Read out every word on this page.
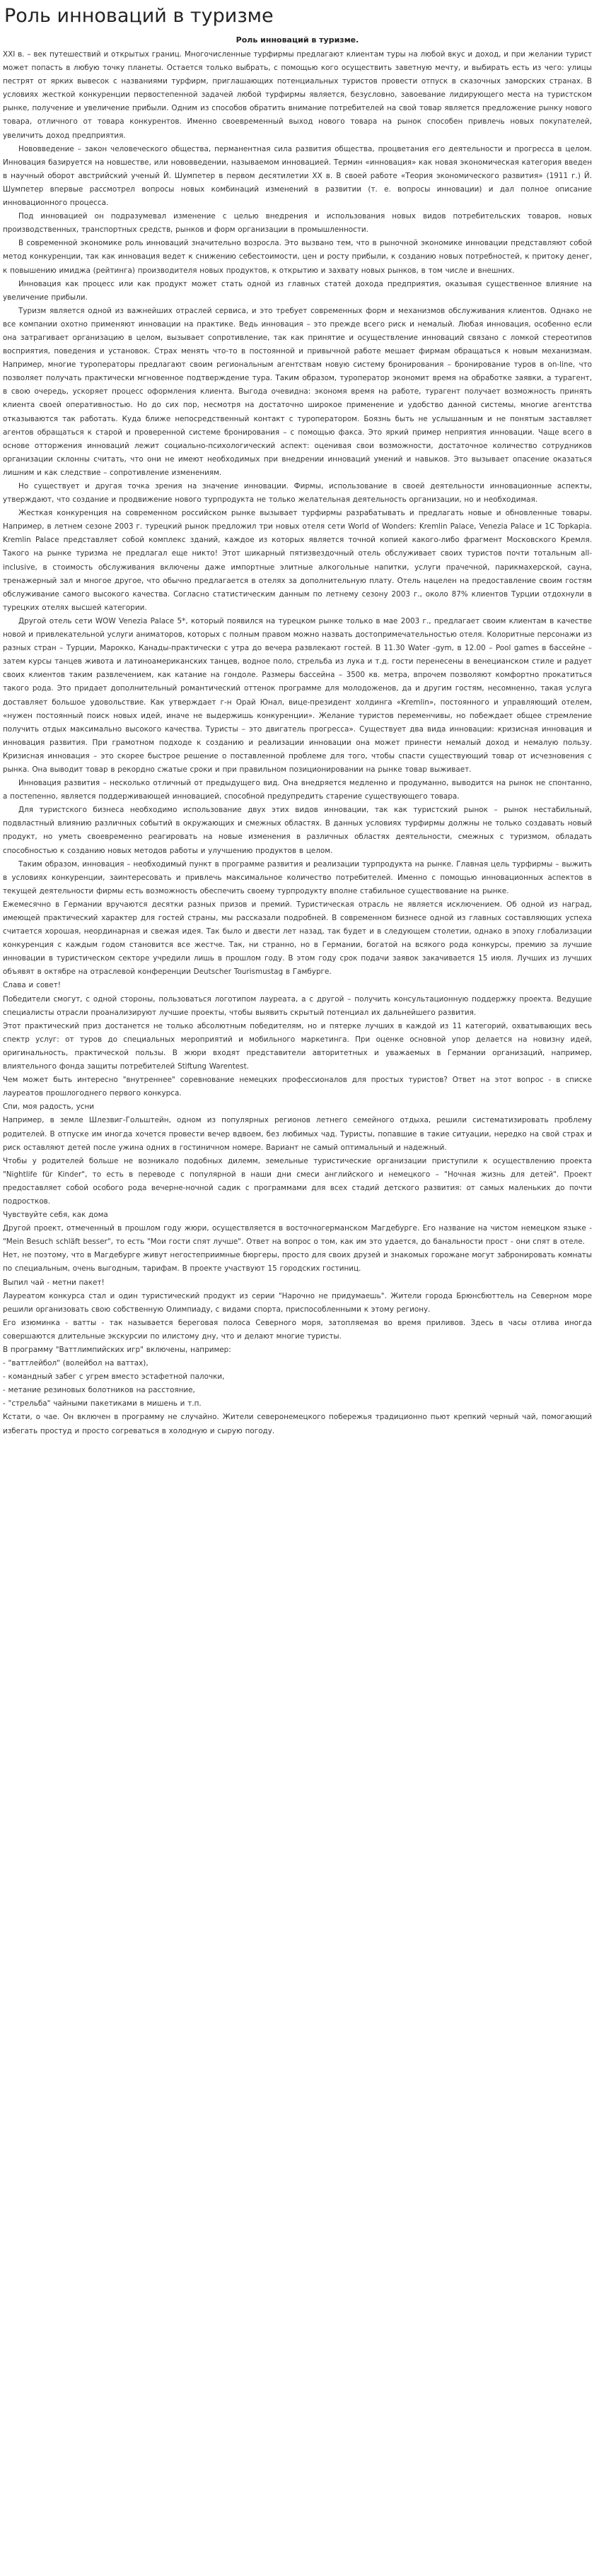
Роль инноваций в туризме
Роль инноваций в туризме.

XXI в. – век путешествий и открытых границ. Многочисленные турфирмы предлагают клиентам туры на любой вкус и доход, и при желании турист может попасть в любую точку планеты. Остается только выбрать, с помощью кого осуществить заветную мечту, и выбирать есть из чего: улицы пестрят от ярких вывесок с названиями турфирм, приглашающих потенциальных туристов провести отпуск в сказочных заморских странах. В условиях жесткой конкуренции первостепенной задачей любой турфирмы является, безусловно, завоевание лидирующего места на туристском рынке, получение и увеличение прибыли. Одним из способов обратить внимание потребителей на свой товар является предложение рынку нового товара, отличного от товара конкурентов. Именно своевременный выход нового товара на рынок способен привлечь новых покупателей, увеличить доход предприятия.

Нововведение – закон человеческого общества, перманентная сила развития общества, процветания его деятельности и прогресса в целом. Инновация базируется на новшестве, или нововведении, называемом инновацией. Термин «инновация» как новая экономическая категория введен в научный оборот австрийский ученый Й. Шумпетер в первом десятилетии XX в. В своей работе «Теория экономического развития» (1911 г.) Й. Шумпетер впервые рассмотрел вопросы новых комбинаций изменений в развитии (т. е. вопросы инновации) и дал полное описание инновационного процесса.

Под инновацией он подразумевал изменение с целью внедрения и использования новых видов потребительских товаров, новых производственных, транспортных средств, рынков и форм организации в промышленности.

В современной экономике роль инноваций значительно возросла. Это вызвано тем, что в рыночной экономике инновации представляют собой метод конкуренции, так как инновация ведет к снижению себестоимости, цен и росту прибыли, к созданию новых потребностей, к притоку денег, к повышению имиджа (рейтинга) производителя новых продуктов, к открытию и захвату новых рынков, в том числе и внешних.

Инновация как процесс или как продукт может стать одной из главных статей дохода предприятия, оказывая существенное влияние на увеличение прибыли.

Туризм является одной из важнейших отраслей сервиса, и это требует современных форм и механизмов обслуживания клиентов. Однако не все компании охотно применяют инновации на практике. Ведь инновация – это прежде всего риск и немалый. Любая инновация, особенно если она затрагивает организацию в целом, вызывает сопротивление, так как принятие и осуществление инноваций связано с ломкой стереотипов восприятия, поведения и установок. Страх менять что-то в постоянной и привычной работе мешает фирмам обращаться к новым механизмам. Например, многие туроператоры предлагают своим региональным агентствам новую систему бронирования – бронирование туров в on-line, что позволяет получать практически мгновенное подтверждение тура. Таким образом, туроператор экономит время на обработке заявки, а турагент, в свою очередь, ускоряет процесс оформления клиента. Выгода очевидна: экономя время на работе, турагент получает возможность принять клиента своей оперативностью. Но до сих пор, несмотря на достаточно широкое применение и удобство данной системы, многие агентства отказываются так работать. Куда ближе непосредственный контакт с туроператором. Боязнь быть не услышанным и не понятым заставляет агентов обращаться к старой и проверенной системе бронирования – с помощью факса. Это яркий пример неприятия инновации. Чаще всего в основе отторжения инноваций лежит социально-психологический аспект: оценивая свои возможности, достаточное количество сотрудников организации склонны считать, что они не имеют необходимых при внедрении инноваций умений и навыков. Это вызывает опасение оказаться лишним и как следствие – сопротивление изменениям.

Но существует и другая точка зрения на значение инновации. Фирмы, использование в своей деятельности инновационные аспекты, утверждают, что создание и продвижение нового турпродукта не только желательная деятельность организации, но и необходимая.

Жесткая конкуренция на современном российском рынке вызывает турфирмы разрабатывать и предлагать новые и обновленные товары. Например, в летнем сезоне 2003 г. турецкий рынок предложил три новых отеля сети World of Wonders: Kremlin Palace, Venezia Palace и 1С Topkapia. Kremlin Palace представляет собой комплекс зданий, каждое из которых является точной копией какого-либо фрагмент Московского Кремля. Такого на рынке туризма не предлагал еще никто! Этот шикарный пятизвездочный отель обслуживает своих туристов почти тотальным all-inclusive, в стоимость обслуживания включены даже импортные элитные алкогольные напитки, услуги прачечной, парикмахерской, сауна, тренажерный зал и многое другое, что обычно предлагается в отелях за дополнительную плату. Отель нацелен на предоставление своим гостям обслуживание самого высокого качества. Согласно статистическим данным по летнему сезону 2003 г., около 87% клиентов Турции отдохнули в турецких отелях высшей категории.

Другой отель сети WOW Venezia Palace 5*, который появился на турецком рынке только в мае 2003 г., предлагает своим клиентам в качестве новой и привлекательной услуги аниматоров, которых с полным правом можно назвать достопримечательностью отеля. Колоритные персонажи из разных стран – Турции, Марокко, Канады-практически с утра до вечера развлекают гостей. В 11.30 Water -gym, в 12.00 – Pool games в бассейне – затем курсы танцев живота и латиноамериканских танцев, водное поло, стрельба из лука и т.д. гости перенесены в венецианском стиле и радует своих клиентов таким развлечением, как катание на гондоле. Размеры бассейна – 3500 кв. метра, впрочем позволяют комфортно прокатиться такого рода. Это придает дополнительный романтический оттенок программе для молодоженов, да и другим гостям, несомненно, такая услуга доставляет большое удовольствие. Как утверждает г-н Орай Юнал, вице-президент холдинга «Kremlin», постоянного и управляющий отелем, «нужен постоянный поиск новых идей, иначе не выдержишь конкуренции». Желание туристов переменчивы, но побеждает общее стремление получить отдых максимально высокого качества. Туристы – это двигатель прогресса». Существует два вида инновации: кризисная инновация и инновация развития. При грамотном подходе к созданию и реализации инновации она может принести немалый доход и немалую пользу. Кризисная инновация – это скорее быстрое решение о поставленной проблеме для того, чтобы спасти существующий товар от исчезновения с рынка. Она выводит товар в рекордно сжатые сроки и при правильном позиционировании на рынке товар выживает.

Инновация развития – несколько отличный от предыдущего вид. Она внедряется медленно и продуманно, выводится на рынок не спонтанно, а постепенно, является поддерживающей инновацией, способной предупредить старение существующего товара.

Для туристского бизнеса необходимо использование двух этих видов инновации, так как туристский рынок – рынок нестабильный, подвластный влиянию различных событий в окружающих и смежных областях. В данных условиях турфирмы должны не только создавать новый продукт, но уметь своевременно реагировать на новые изменения в различных областях деятельности, смежных с туризмом, обладать способностью к созданию новых методов работы и улучшению продуктов в целом.

Таким образом, инновация – необходимый пункт в программе развития и реализации турпродукта на рынке. Главная цель турфирмы – выжить в условиях конкуренции, заинтересовать и привлечь максимальное количество потребителей. Именно с помощью инновационных аспектов в текущей деятельности фирмы есть возможность обеспечить своему турпродукту вполне стабильное существование на рынке.

Ежемесячно в Германии вручаются десятки разных призов и премий. Туристическая отрасль не является исключением. Об одной из наград, имеющей практический характер для гостей страны, мы рассказали подробней. В современном бизнесе одной из главных составляющих успеха считается хорошая, неординарная и свежая идея. Так было и двести лет назад, так будет и в следующем столетии, однако в эпоху глобализации конкуренция с каждым годом становится все жестче. Так, ни странно, но в Германии, богатой на всякого рода конкурсы, премию за лучшие инновации в туристическом секторе учредили лишь в прошлом году. В этом году срок подачи заявок закачивается 15 июля. Лучших из лучших объявят в октябре на отраслевой конференции Deutscher Tourismustag в Гамбурге.

Слава и совет!

Победители смогут, с одной стороны, пользоваться логотипом лауреата, а с другой – получить консультационную поддержку проекта. Ведущие специалисты отрасли проанализируют лучшие проекты, чтобы выявить скрытый потенциал их дальнейшего развития.

Этот практический приз достанется не только абсолютным победителям, но и пятерке лучших в каждой из 11 категорий, охватывающих весь спектр услуг: от туров до специальных мероприятий и мобильного маркетинга. При оценке основной упор делается на новизну идей, оригинальность, практической пользы. В жюри входят представители авторитетных и уважаемых в Германии организаций, например, влиятельного фонда защиты потребителей Stiftung Warentest.

Чем может быть интересно "внутреннее" соревнование немецких профессионалов для простых туристов? Ответ на этот вопрос - в списке лауреатов прошлогоднего первого конкурса.

Спи, моя радость, усни

Например, в земле Шлезвиг-Гольштейн, одном из популярных регионов летнего семейного отдыха, решили систематизировать проблему родителей. В отпуске им иногда хочется провести вечер вдвоем, без любимых чад. Туристы, попавшие в такие ситуации, нередко на свой страх и риск оставляют детей после ужина одних в гостиничном номере. Вариант не самый оптимальный и надежный.

Чтобы у родителей больше не возникало подобных дилемм, земельные туристические организации приступили к осуществлению проекта "Nightlife für Kinder", то есть в переводе с популярной в наши дни смеси английского и немецкого – "Ночная жизнь для детей". Проект предоставляет собой особого рода вечерне-ночной садик с программами для всех стадий детского развития: от самых маленьких до почти подростков.

Чувствуйте себя, как дома

Другой проект, отмеченный в прошлом году жюри, осуществляется в восточногерманском Магдебурге. Его название на чистом немецком языке - "Mein Besuch schläft besser", то есть "Мои гости спят лучше". Ответ на вопрос о том, как им это удается, до банальности прост - они спят в отеле.

Нет, не поэтому, что в Магдебурге живут негостеприимные бюргеры, просто для своих друзей и знакомых горожане могут забронировать комнаты по специальным, очень выгодным, тарифам. В проекте участвуют 15 городских гостиниц.

Выпил чай - метни пакет!

Лауреатом конкурса стал и один туристический продукт из серии "Нарочно не придумаешь". Жители города Брюнсбюттель на Северном море решили организовать свою собственную Олимпиаду, с видами спорта, приспособленными к этому региону.

Его изюминка - ватты - так называется береговая полоса Северного моря, затопляемая во время приливов. Здесь в часы отлива иногда совершаются длительные экскурсии по илистому дну, что и делают многие туристы.

В программу "Ваттлимпийских игр" включены, например:

- "ваттлейбол" (волейбол на ваттах),

- командный забег с угрем вместо эстафетной палочки,

- метание резиновых болотников на расстояние,

- "стрельба" чайными пакетиками в мишень и т.п.

Кстати, о чае. Он включен в программу не случайно. Жители северонемецкого побережья традиционно пьют крепкий черный чай, помогающий избегать простуд и просто согреваться в холодную и сырую погоду.
